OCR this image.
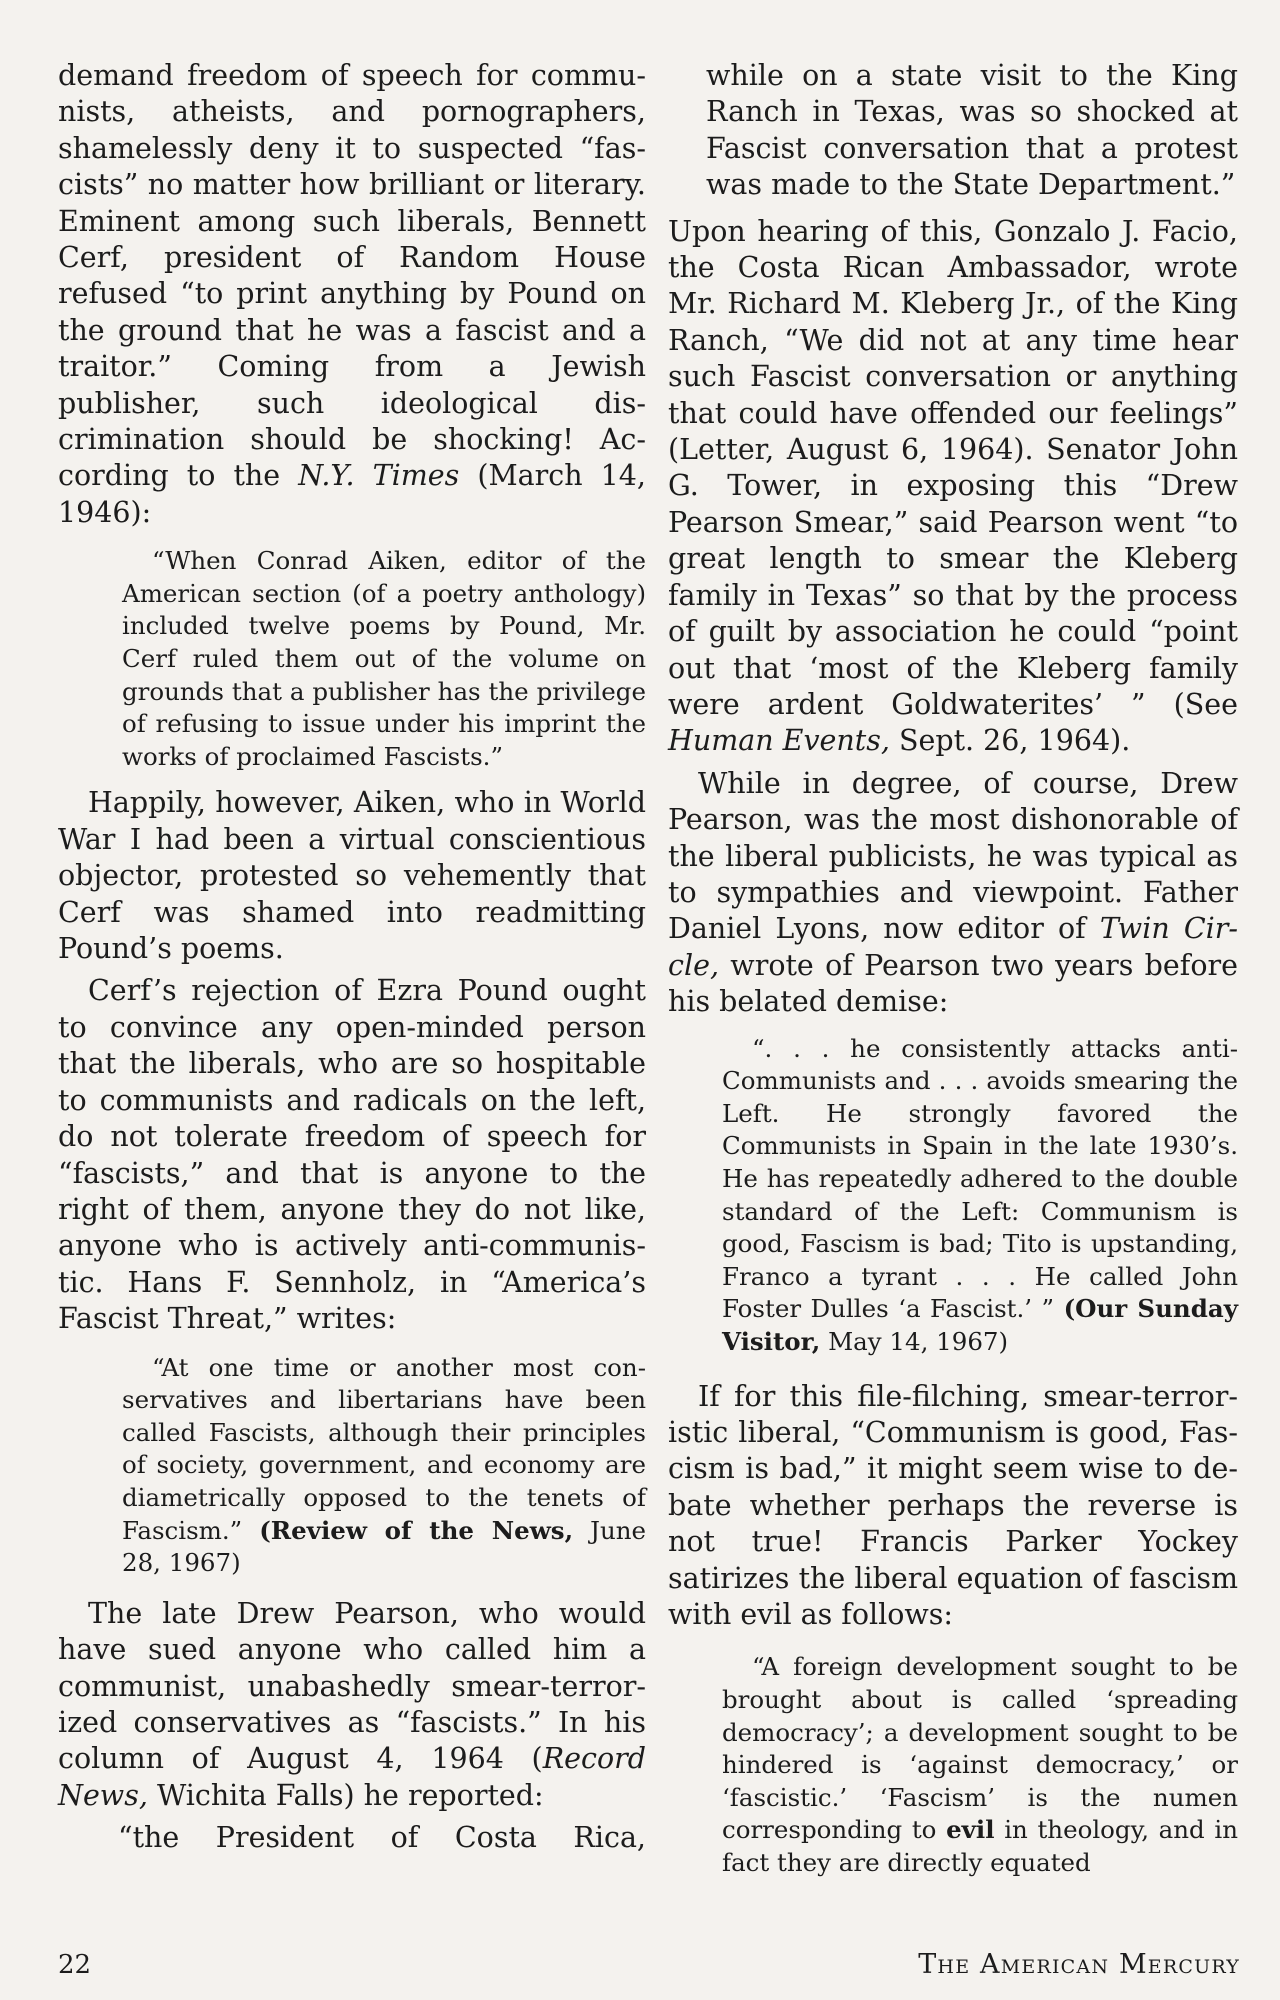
demand freedom of speech for communists, atheists, and pornographers, shamelessly deny it to suspected “fascists” no matter how brilliant or literary. Eminent among such liberals, Bennett Cerf, president of Random House refused “to print anything by Pound on the ground that he was a fascist and a traitor.” Coming from a Jewish publisher, such ideological discrimination should be shocking! According to the N.Y. Times (March 14, 1946):

“When Conrad Aiken, editor of the American section (of a poetry anthology) included twelve poems by Pound, Mr. Cerf ruled them out of the volume on grounds that a publisher has the privilege of refusing to issue under his imprint the works of proclaimed Fascists.”

Happily, however, Aiken, who in World War I had been a virtual conscientious objector, protested so vehemently that Cerf was shamed into readmitting Pound’s poems.

Cerf’s rejection of Ezra Pound ought to convince any open-minded person that the liberals, who are so hospitable to communists and radicals on the left, do not tolerate freedom of speech for “fascists,” and that is anyone to the right of them, anyone they do not like, anyone who is actively anti-communistic. Hans F. Sennholz, in “America’s Fascist Threat,” writes:

“At one time or another most conservatives and libertarians have been called Fascists, although their principles of society, government, and economy are diametrically opposed to the tenets of Fascism.” (Review of the News, June 28, 1967)

The late Drew Pearson, who would have sued anyone who called him a communist, unabashedly smear-terrorized conservatives as “fascists.” In his column of August 4, 1964 (Record News, Wichita Falls) he reported:

“the President of Costa Rica,

while on a state visit to the King Ranch in Texas, was so shocked at Fascist conversation that a protest was made to the State Department.”

Upon hearing of this, Gonzalo J. Facio, the Costa Rican Ambassador, wrote Mr. Richard M. Kleberg Jr., of the King Ranch, “We did not at any time hear such Fascist conversation or anything that could have offended our feelings” (Letter, August 6, 1964). Senator John G. Tower, in exposing this “Drew Pearson Smear,” said Pearson went “to great length to smear the Kleberg family in Texas” so that by the process of guilt by association he could “point out that ‘most of the Kleberg family were ardent Goldwaterites’ ” (See Human Events, Sept. 26, 1964).

While in degree, of course, Drew Pearson, was the most dishonorable of the liberal publicists, he was typical as to sympathies and viewpoint. Father Daniel Lyons, now editor of Twin Circle, wrote of Pearson two years before his belated demise:

“. . . he consistently attacks anti-Communists and . . . avoids smearing the Left. He strongly favored the Communists in Spain in the late 1930’s. He has repeatedly adhered to the double standard of the Left: Communism is good, Fascism is bad; Tito is upstanding, Franco a tyrant . . . He called John Foster Dulles ‘a Fascist.’ ” (Our Sunday Visitor, May 14, 1967)

If for this file-filching, smear-terroristic liberal, “Communism is good, Fascism is bad,” it might seem wise to debate whether perhaps the reverse is not true! Francis Parker Yockey satirizes the liberal equation of fascism with evil as follows:

“A foreign development sought to be brought about is called ‘spreading democracy’; a development sought to be hindered is ‘against democracy,’ or ‘fascistic.’ ‘Fascism’ is the numen corresponding to evil in theology, and in fact they are directly equated

22	The American Mercury
